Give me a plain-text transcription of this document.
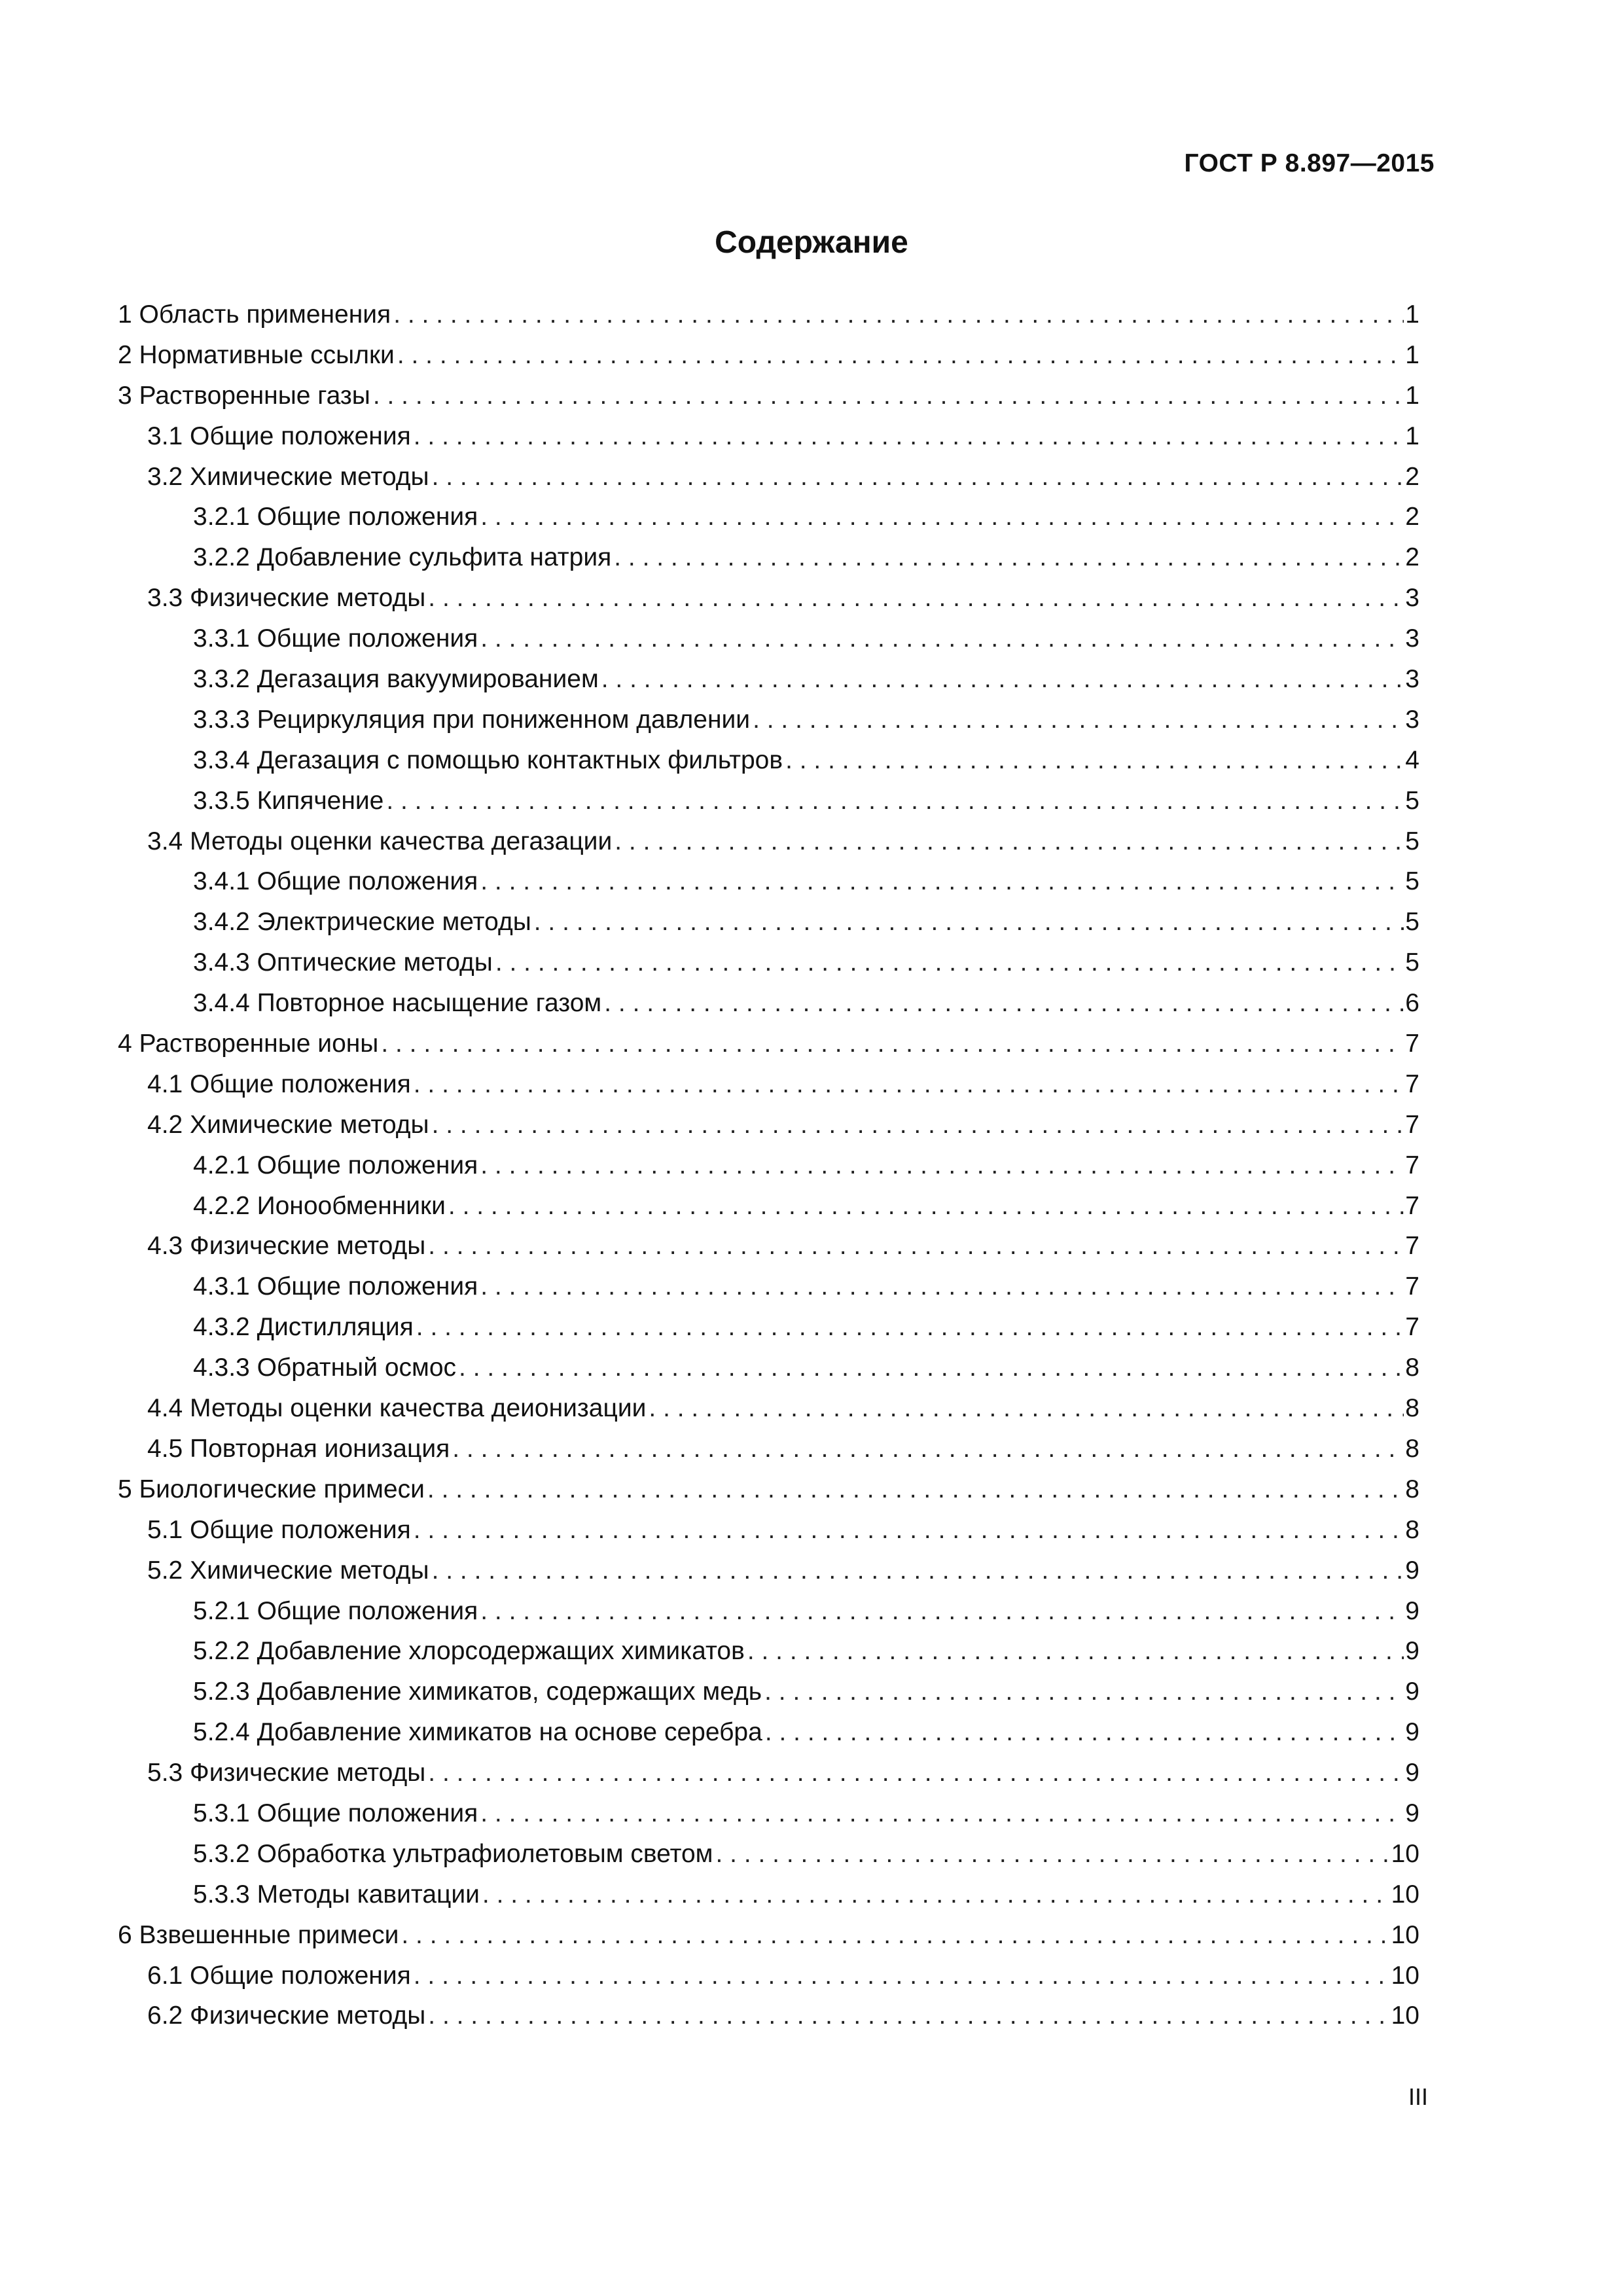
ГОСТ Р 8.897—2015
Содержание
1 Область применения . . .	1
2 Нормативные ссылки . . .	1
3 Растворенные газы . . .	1
3.1 Общие положения . . .	1
3.2 Химические методы . . .	2
3.2.1 Общие положения . . .	2
3.2.2 Добавление сульфита натрия . . .	2
3.3 Физические методы . . .	3
3.3.1 Общие положения . . .	3
3.3.2 Дегазация вакуумированием . . .	3
3.3.3 Рециркуляция при пониженном давлении . . .	3
3.3.4 Дегазация с помощью контактных фильтров . . .	4
3.3.5 Кипячение . . .	5
3.4 Методы оценки качества дегазации . . .	5
3.4.1 Общие положения . . .	5
3.4.2 Электрические методы . . .	5
3.4.3 Оптические методы . . .	5
3.4.4 Повторное насыщение газом . . .	6
4 Растворенные ионы . . .	7
4.1 Общие положения . . .	7
4.2 Химические методы . . .	7
4.2.1 Общие положения . . .	7
4.2.2 Ионообменники . . .	7
4.3 Физические методы . . .	7
4.3.1 Общие положения . . .	7
4.3.2 Дистилляция . . .	7
4.3.3 Обратный осмос . . .	8
4.4 Методы оценки качества деионизации . . .	8
4.5 Повторная ионизация . . .	8
5 Биологические примеси . . .	8
5.1 Общие положения . . .	8
5.2 Химические методы . . .	9
5.2.1 Общие положения . . .	9
5.2.2 Добавление хлорсодержащих химикатов . . .	9
5.2.3 Добавление химикатов, содержащих медь . . .	9
5.2.4 Добавление химикатов на основе серебра . . .	9
5.3 Физические методы . . .	9
5.3.1 Общие положения . . .	9
5.3.2 Обработка ультрафиолетовым светом . . .	10
5.3.3 Методы кавитации . . .	10
6 Взвешенные примеси . . .	10
6.1 Общие положения . . .	10
6.2 Физические методы . . .	10
III
